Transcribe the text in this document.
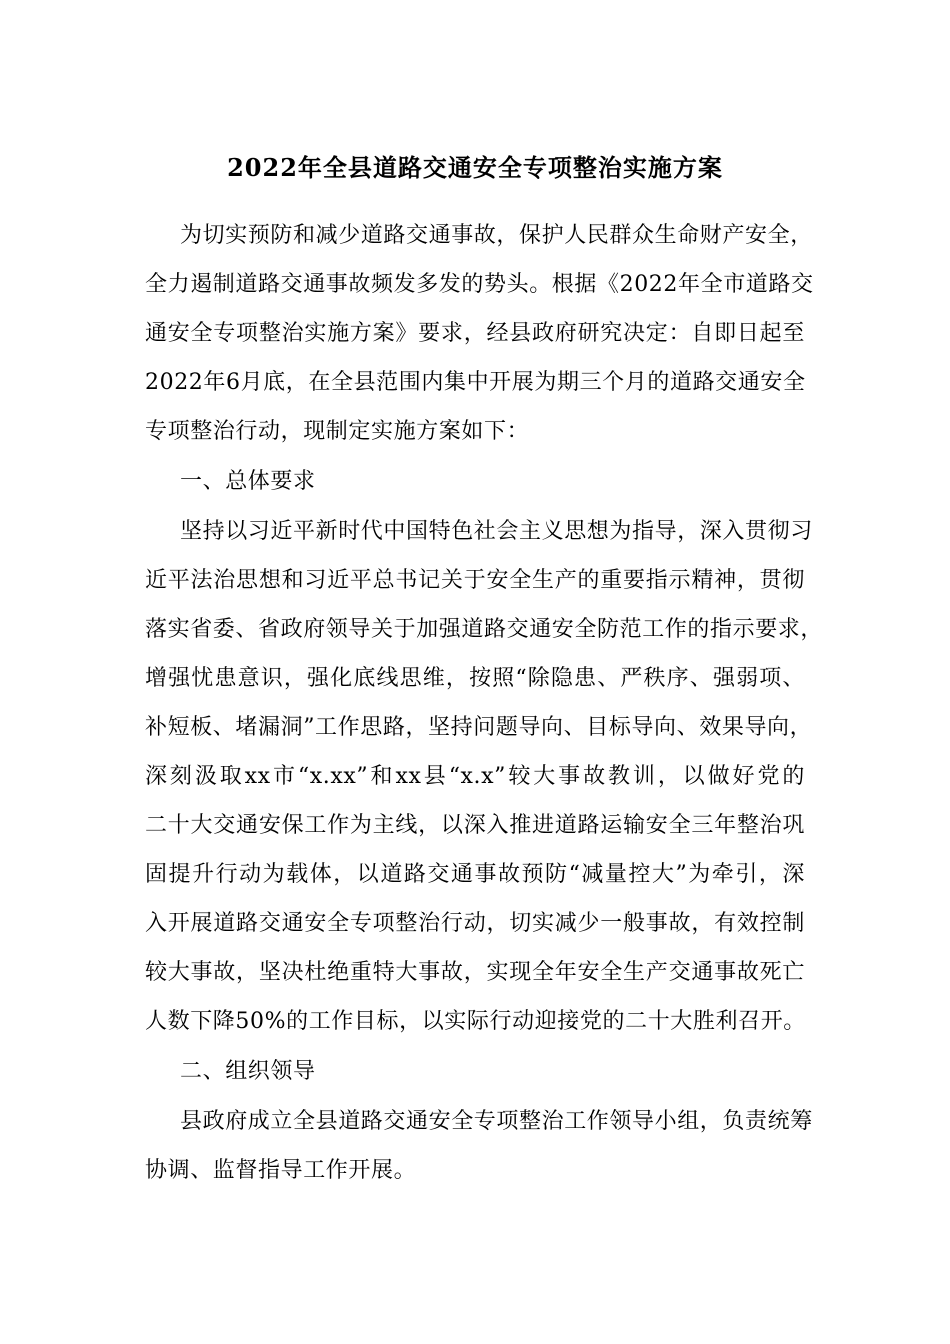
2022年全县道路交通安全专项整治实施方案
为切实预防和减少道路交通事故，保护人民群众生命财产安全，
全力遏制道路交通事故频发多发的势头。根据《2022年全市道路交
通安全专项整治实施方案》要求，经县政府研究决定：自即日起至
2022年6月底，在全县范围内集中开展为期三个月的道路交通安全
专项整治行动，现制定实施方案如下：
一、总体要求
坚持以习近平新时代中国特色社会主义思想为指导，深入贯彻习
近平法治思想和习近平总书记关于安全生产的重要指示精神，贯彻
落实省委、省政府领导关于加强道路交通安全防范工作的指示要求，
增强忧患意识，强化底线思维，按照“除隐患、严秩序、强弱项、
补短板、堵漏洞”工作思路，坚持问题导向、目标导向、效果导向，
深刻汲取xx市“x.xx”和xx县“x.x”较大事故教训，以做好党的
二十大交通安保工作为主线，以深入推进道路运输安全三年整治巩
固提升行动为载体，以道路交通事故预防“减量控大”为牵引，深
入开展道路交通安全专项整治行动，切实减少一般事故，有效控制
较大事故，坚决杜绝重特大事故，实现全年安全生产交通事故死亡
人数下降50%的工作目标，以实际行动迎接党的二十大胜利召开。
二、组织领导
县政府成立全县道路交通安全专项整治工作领导小组，负责统筹
协调、监督指导工作开展。
